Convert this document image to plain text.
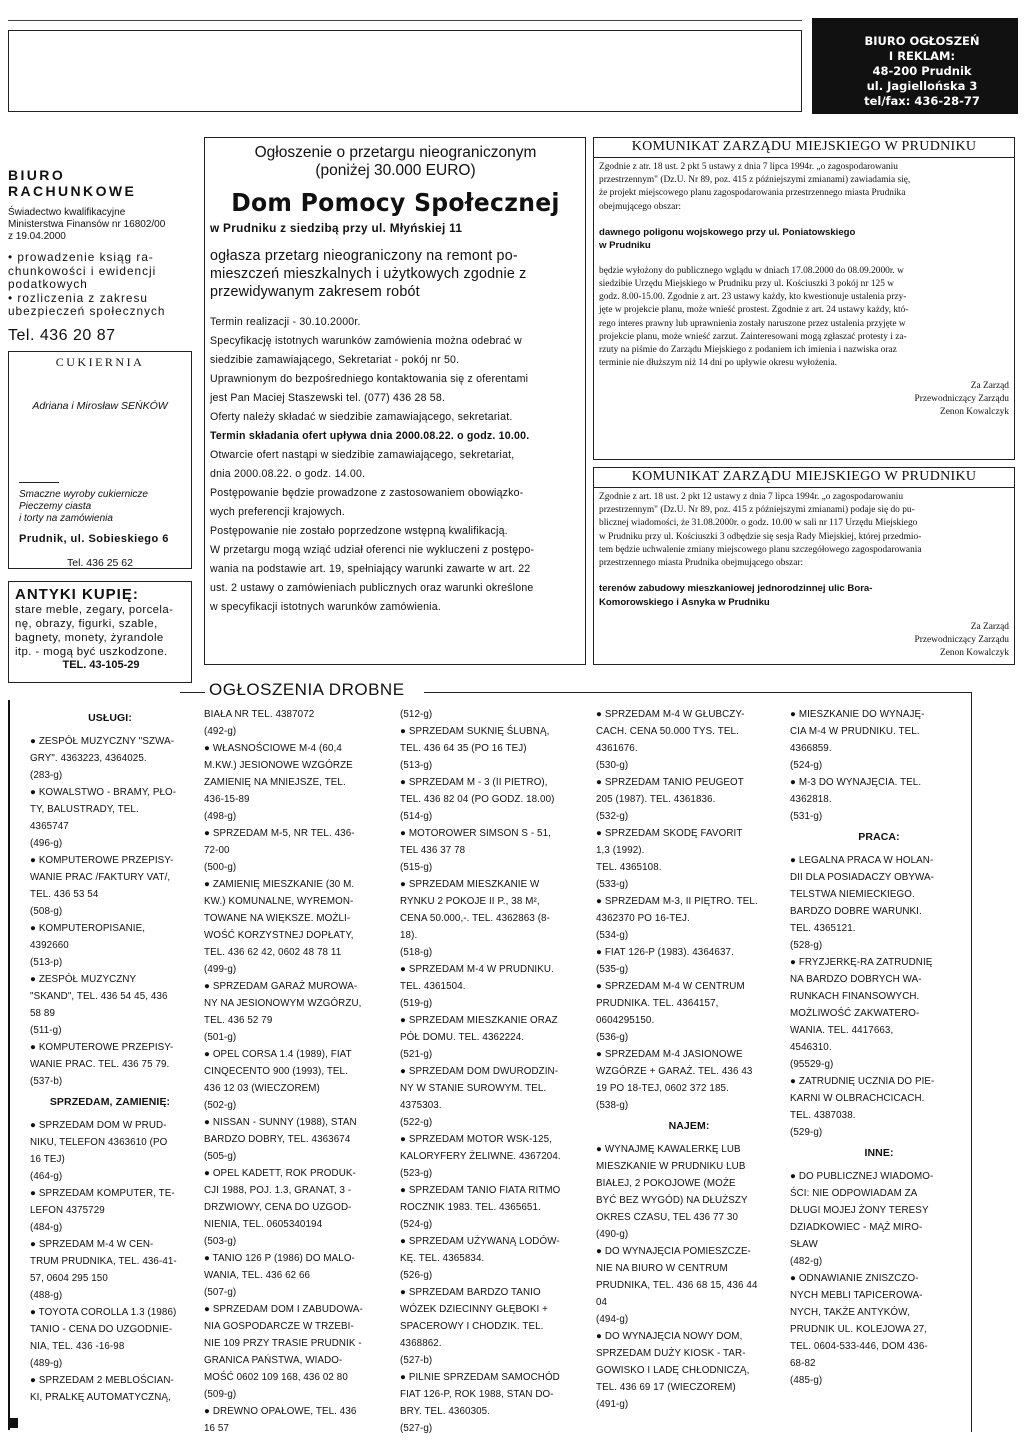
BIURO OGŁOSZEŃ
I REKLAM:
48-200 Prudnik
ul. Jagiellońska 3
tel/fax: 436-28-77
BIURO RACHUNKOWE
Świadectwo kwalifikacyjne
Ministerstwa Finansów nr 16802/00
z 19.04.2000
• prowadzenie ksiąg ra-
chunkowości i ewidencji
podatkowych
• rozliczenia z zakresu
ubezpieczeń społecznych
Tel. 436 20 87
CUKIERNIA
Adriana i Mirosław SEŃKÓW
Smaczne wyroby cukiernicze
Pieczemy ciasta
i torty na zamówienia
Prudnik, ul. Sobieskiego 6
Tel. 436 25 62
ANTYKI KUPIĘ:
stare meble, zegary, porcela-
nę, obrazy, figurki, szable,
bagnety, monety, żyrandole
itp. - mogą być uszkodzone.
TEL. 43-105-29
Ogłoszenie o przetargu nieograniczonym
(poniżej 30.000 EURO)
Dom Pomocy Społecznej
w Prudniku z siedzibą przy ul. Młyńskiej 11
ogłasza przetarg nieograniczony na remont po-
mieszczeń mieszkalnych i użytkowych zgodnie z
przewidywanym zakresem robót
Termin realizacji - 30.10.2000r.
Specyfikację istotnych warunków zamówienia można odebrać w
siedzibie zamawiającego, Sekretariat - pokój nr 50.
Uprawnionym do bezpośredniego kontaktowania się z oferentami
jest Pan Maciej Staszewski tel. (077) 436 28 58.
Oferty należy składać w siedzibie zamawiającego, sekretariat.
Termin składania ofert upływa dnia 2000.08.22. o godz. 10.00.
Otwarcie ofert nastąpi w siedzibie zamawiającego, sekretariat,
dnia 2000.08.22. o godz. 14.00.
Postępowanie będzie prowadzone z zastosowaniem obowiązko-
wych preferencji krajowych.
Postępowanie nie zostało poprzedzone wstępną kwalifikacją.
W przetargu mogą wziąć udział oferenci nie wykluczeni z postępo-
wania na podstawie art. 19, spełniający warunki zawarte w art. 22
ust. 2 ustawy o zamówieniach publicznych oraz warunki określone
w specyfikacji istotnych warunków zamówienia.
KOMUNIKAT ZARZĄDU MIEJSKIEGO W PRUDNIKU
Zgodnie z atr. 18 ust. 2 pkt 5 ustawy z dnia 7 lipca 1994r. „o zagospodarowaniu
przestrzennym" (Dz.U. Nr 89, poz. 415 z późniejszymi zmianami) zawiadamia się,
że projekt miejscowego planu zagospodarowania przestrzennego miasta Prudnika
obejmującego obszar:
dawnego poligonu wojskowego przy ul. Poniatowskiego
w Prudniku
będzie wyłożony do publicznego wglądu w dniach 17.08.2000 do 08.09.2000r. w
siedzibie Urzędu Miejskiego w Prudniku przy ul. Kościuszki 3 pokój nr 125 w
godz. 8.00-15.00. Zgodnie z art. 23 ustawy każdy, kto kwestionuje ustalenia przy-
jęte w projekcie planu, może wnieść prostest. Zgodnie z art. 24 ustawy każdy, któ-
rego interes prawny lub uprawnienia zostały naruszone przez ustalenia przyjęte w
projekcie planu, może wnieść zarzut. Zainteresowani mogą zgłaszać protesty i za-
rzuty na piśmie do Zarządu Miejskiego z podaniem ich imienia i nazwiska oraz
terminie nie dłuższym niż 14 dni po upływie okresu wyłożenia.
Za Zarząd
Przewodniczący Zarządu
Zenon Kowalczyk
KOMUNIKAT ZARZĄDU MIEJSKIEGO W PRUDNIKU
Zgodnie z art. 18 ust. 2 pkt 12 ustawy z dnia 7 lipca 1994r. „o zagospodarowaniu
przestrzennym" (Dz.U. Nr 89, poz. 415 z późniejszymi zmianami) podaje się do pu-
blicznej wiadomości, że 31.08.2000r. o godz. 10.00 w sali nr 117 Urzędu Miejskiego
w Prudniku przy ul. Kościuszki 3 odbędzie się sesja Rady Miejskiej, której przedmio-
tem będzie uchwalenie zmiany miejscowego planu szczegółowego zagospodarowania
przestrzennego miasta Prudnika obejmującego obszar:
terenów zabudowy mieszkaniowej jednorodzinnej ulic Bora-
Komorowskiego i Asnyka w Prudniku
Za Zarząd
Przewodniczący Zarządu
Zenon Kowalczyk
OGŁOSZENIA DROBNE
USŁUGI:
● ZESPÓŁ MUZYCZNY "SZWA-
GRY". 4363223, 4364025.
(283-g)
● KOWALSTWO - BRAMY, PŁO-
TY, BALUSTRADY, TEL.
4365747
(496-g)
● KOMPUTEROWE PRZEPISY-
WANIE PRAC /FAKTURY VAT/,
TEL. 436 53 54
(508-g)
● KOMPUTEROPISANIE,
4392660
(513-p)
● ZESPÓŁ MUZYCZNY
"SKAND", TEL. 436 54 45, 436
58 89
(511-g)
● KOMPUTEROWE PRZEPISY-
WANIE PRAC. TEL. 436 75 79.
(537-b)
SPRZEDAM, ZAMIENIĘ:
● SPRZEDAM DOM W PRUD-
NIKU, TELEFON 4363610 (PO
16 TEJ)
(464-g)
● SPRZEDAM KOMPUTER, TE-
LEFON 4375729
(484-g)
● SPRZEDAM M-4 W CEN-
TRUM PRUDNIKA, TEL. 436-41-
57, 0604 295 150
(488-g)
● TOYOTA COROLLA 1.3 (1986)
TANIO - CENA DO UZGODNIE-
NIA, TEL. 436 -16-98
(489-g)
● SPRZEDAM 2 MEBLOŚCIAN-
KI, PRALKĘ AUTOMATYCZNĄ,
BIAŁA NR TEL. 4387072
(492-g)
● WŁASNOŚCIOWE M-4 (60,4
M.KW.) JESIONOWE WZGÓRZE
ZAMIENIĘ NA MNIEJSZE, TEL.
436-15-89
(498-g)
● SPRZEDAM M-5, NR TEL. 436-
72-00
(500-g)
● ZAMIENIĘ MIESZKANIE (30 M.
KW.) KOMUNALNE, WYREMON-
TOWANE NA WIĘKSZE. MOŻLI-
WOŚĆ KORZYSTNEJ DOPŁATY,
TEL. 436 62 42, 0602 48 78 11
(499-g)
● SPRZEDAM GARAŻ MUROWA-
NY NA JESIONOWYM WZGÓRZU,
TEL. 436 52 79
(501-g)
● OPEL CORSA 1.4 (1989), FIAT
CINQECENTO 900 (1993), TEL.
436 12 03 (WIECZOREM)
(502-g)
● NISSAN - SUNNY (1988), STAN
BARDZO DOBRY, TEL. 4363674
(505-g)
● OPEL KADETT, ROK PRODUK-
CJI 1988, POJ. 1.3, GRANAT, 3 -
DRZWIOWY, CENA DO UZGOD-
NIENIA, TEL. 0605340194
(503-g)
● TANIO 126 P (1986) DO MALO-
WANIA, TEL. 436 62 66
(507-g)
● SPRZEDAM DOM I ZABUDOWA-
NIA GOSPODARCZE W TRZEBI-
NIE 109 PRZY TRASIE PRUDNIK -
GRANICA PAŃSTWA, WIADO-
MOŚĆ 0602 109 168, 436 02 80
(509-g)
● DREWNO OPAŁOWE, TEL. 436
16 57
(512-g)
● SPRZEDAM SUKNIĘ ŚLUBNĄ,
TEL. 436 64 35 (PO 16 TEJ)
(513-g)
● SPRZEDAM M - 3 (II PIETRO),
TEL. 436 82 04 (PO GODZ. 18.00)
(514-g)
● MOTOROWER SIMSON S - 51,
TEL 436 37 78
(515-g)
● SPRZEDAM MIESZKANIE W
RYNKU 2 POKOJE II P., 38 M²,
CENA 50.000,-. TEL. 4362863 (8-
18).
(518-g)
● SPRZEDAM M-4 W PRUDNIKU.
TEL. 4361504.
(519-g)
● SPRZEDAM MIESZKANIE ORAZ
PÓŁ DOMU. TEL. 4362224.
(521-g)
● SPRZEDAM DOM DWURODZIN-
NY W STANIE SUROWYM. TEL.
4375303.
(522-g)
● SPRZEDAM MOTOR WSK-125,
KALORYFERY ŻELIWNE. 4367204.
(523-g)
● SPRZEDAM TANIO FIATA RITMO
ROCZNIK 1983. TEL. 4365651.
(524-g)
● SPRZEDAM UŻYWANĄ LODÓW-
KĘ. TEL. 4365834.
(526-g)
● SPRZEDAM BARDZO TANIO
WÓZEK DZIECINNY GŁĘBOKI +
SPACEROWY I CHODZIK. TEL.
4368862.
(527-b)
● PILNIE SPRZEDAM SAMOCHÓD
FIAT 126-P, ROK 1988, STAN DO-
BRY. TEL. 4360305.
(527-g)
● SPRZEDAM M-4 W GŁUBCZY-
CACH. CENA 50.000 TYS. TEL.
4361676.
(530-g)
● SPRZEDAM TANIO PEUGEOT
205 (1987). TEL. 4361836.
(532-g)
● SPRZEDAM SKODĘ FAVORIT
1,3 (1992).
TEL. 4365108.
(533-g)
● SPRZEDAM M-3, II PIĘTRO. TEL.
4362370 PO 16-TEJ.
(534-g)
● FIAT 126-P (1983). 4364637.
(535-g)
● SPRZEDAM M-4 W CENTRUM
PRUDNIKA. TEL. 4364157,
0604295150.
(536-g)
● SPRZEDAM M-4 JASIONOWE
WZGÓRZE + GARAŻ. TEL. 436 43
19 PO 18-TEJ, 0602 372 185.
(538-g)
NAJEM:
● WYNAJMĘ KAWALERKĘ LUB
MIESZKANIE W PRUDNIKU LUB
BIAŁEJ, 2 POKOJOWE (MOŻE
BYĆ BEZ WYGÓD) NA DŁUŻSZY
OKRES CZASU, TEL 436 77 30
(490-g)
● DO WYNAJĘCIA POMIESZCZE-
NIE NA BIURO W CENTRUM
PRUDNIKA, TEL. 436 68 15, 436 44
04
(494-g)
● DO WYNAJĘCIA NOWY DOM,
SPRZEDAM DUŻY KIOSK - TAR-
GOWISKO I LADĘ CHŁODNICZĄ,
TEL. 436 69 17 (WIECZOREM)
(491-g)
● MIESZKANIE DO WYNAJĘ-
CIA M-4 W PRUDNIKU. TEL.
4366859.
(524-g)
● M-3 DO WYNAJĘCIA. TEL.
4362818.
(531-g)
PRACA:
● LEGALNA PRACA W HOLAN-
DII DLA POSIADACZY OBYWA-
TELSTWA NIEMIECKIEGO.
BARDZO DOBRE WARUNKI.
TEL. 4365121.
(528-g)
● FRYZJERKĘ-RA ZATRUDNIĘ
NA BARDZO DOBRYCH WA-
RUNKACH FINANSOWYCH.
MOŻLIWOŚĆ ZAKWATERO-
WANIA. TEL. 4417663,
4546310.
(95529-g)
● ZATRUDNIĘ UCZNIA DO PIE-
KARNI W OLBRACHCICACH.
TEL. 4387038.
(529-g)
INNE:
● DO PUBLICZNEJ WIADOMO-
ŚCI: NIE ODPOWIADAM ZA
DŁUGI MOJEJ ŻONY TERESY
DZIADKOWIEC - MĄŻ MIRO-
SŁAW
(482-g)
● ODNAWIANIE ZNISZCZO-
NYCH MEBLI TAPICEROWA-
NYCH, TAKŻE ANTYKÓW,
PRUDNIK UL. KOLEJOWA 27,
TEL. 0604-533-446, DOM 436-
68-82
(485-g)
